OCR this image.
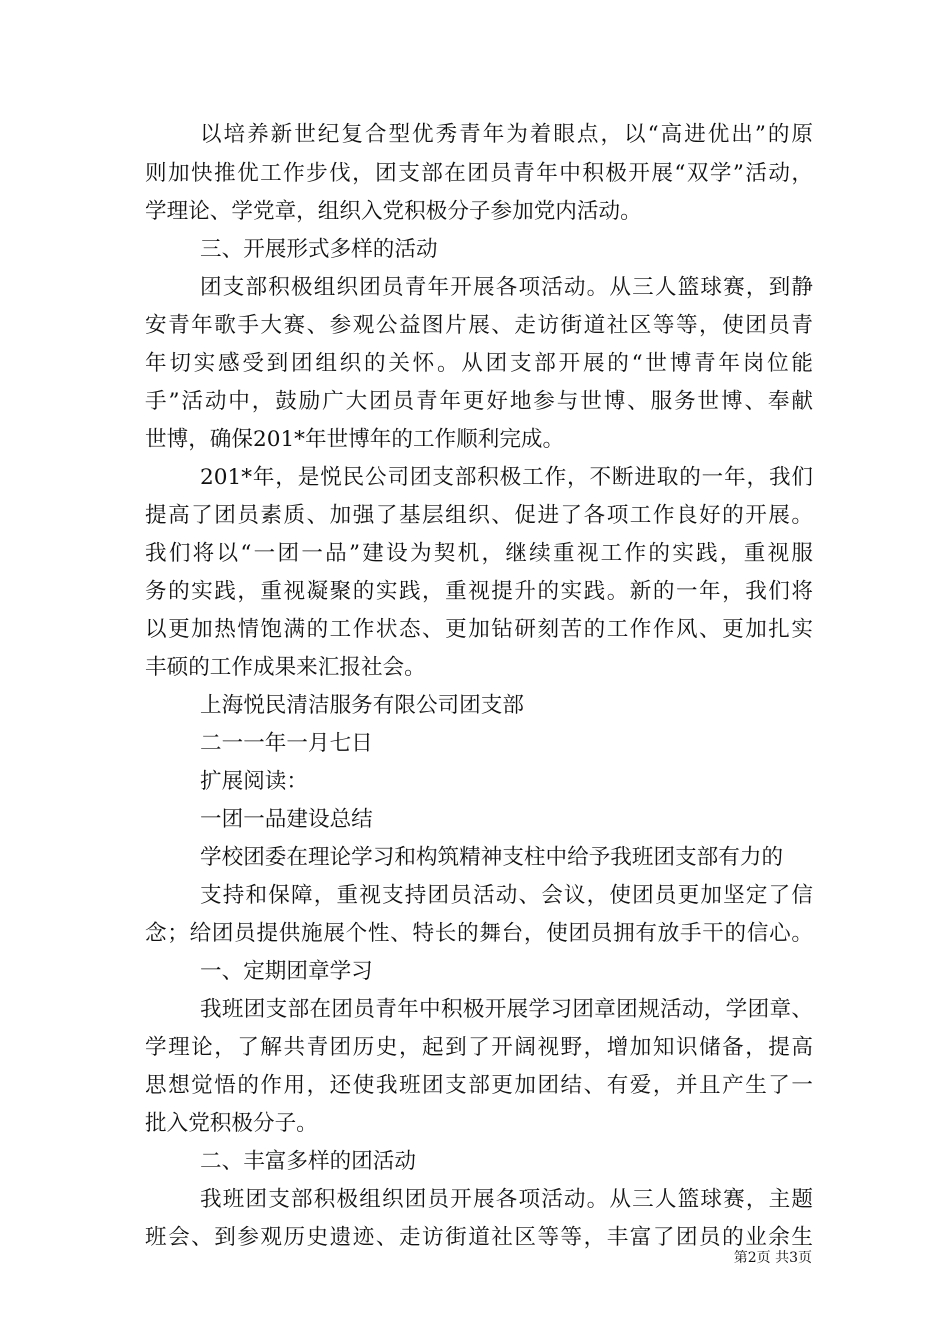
以培养新世纪复合型优秀青年为着眼点，以“高进优出”的原
则加快推优工作步伐，团支部在团员青年中积极开展“双学”活动，
学理论、学党章，组织入党积极分子参加党内活动。
三、开展形式多样的活动
团支部积极组织团员青年开展各项活动。从三人篮球赛，到静
安青年歌手大赛、参观公益图片展、走访街道社区等等，使团员青
年切实感受到团组织的关怀。从团支部开展的“世博青年岗位能
手”活动中，鼓励广大团员青年更好地参与世博、服务世博、奉献
世博，确保201*年世博年的工作顺利完成。
201*年，是悦民公司团支部积极工作，不断进取的一年，我们
提高了团员素质、加强了基层组织、促进了各项工作良好的开展。
我们将以“一团一品”建设为契机，继续重视工作的实践，重视服
务的实践，重视凝聚的实践，重视提升的实践。新的一年，我们将
以更加热情饱满的工作状态、更加钻研刻苦的工作作风、更加扎实
丰硕的工作成果来汇报社会。
上海悦民清洁服务有限公司团支部
二一一年一月七日
扩展阅读：
一团一品建设总结
学校团委在理论学习和构筑精神支柱中给予我班团支部有力的
支持和保障，重视支持团员活动、会议，使团员更加坚定了信
念；给团员提供施展个性、特长的舞台，使团员拥有放手干的信心。
一、定期团章学习
我班团支部在团员青年中积极开展学习团章团规活动，学团章、
学理论，了解共青团历史，起到了开阔视野，增加知识储备，提高
思想觉悟的作用，还使我班团支部更加团结、有爱，并且产生了一
批入党积极分子。
二、丰富多样的团活动
我班团支部积极组织团员开展各项活动。从三人篮球赛，主题
班会、到参观历史遗迹、走访街道社区等等，丰富了团员的业余生
第2页 共3页
